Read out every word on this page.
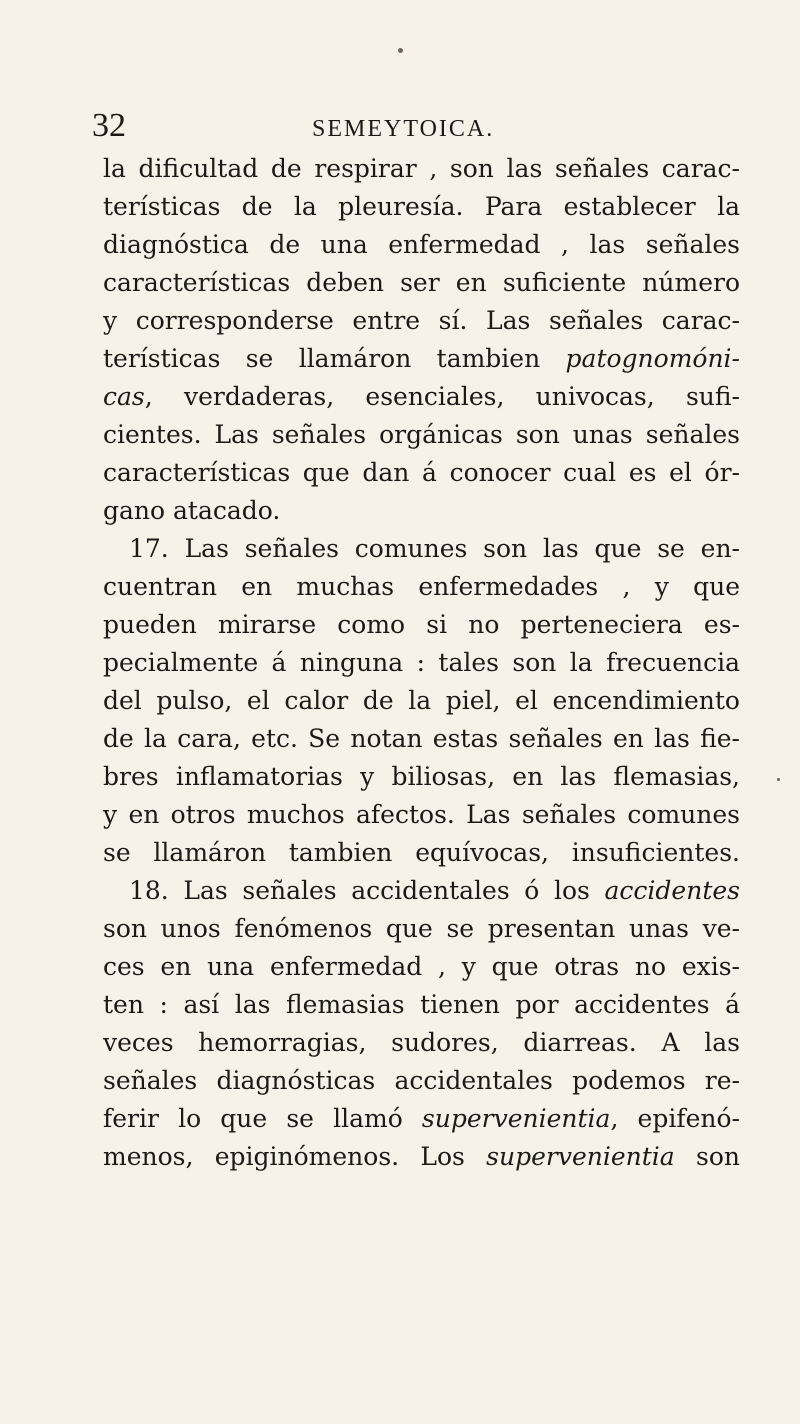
32	SEMEYTOICA.
la dificultad de respirar , son las señales carac-
terísticas de la pleuresía. Para establecer la
diagnóstica de una enfermedad , las señales
características deben ser en suficiente número
y corresponderse entre sí. Las señales carac-
terísticas se llamáron tambien patognomóni-
cas, verdaderas, esenciales, univocas, sufi-
cientes. Las señales orgánicas son unas señales
características que dan á conocer cual es el ór-
gano atacado.
17. Las señales comunes son las que se en-
cuentran en muchas enfermedades , y que
pueden mirarse como si no perteneciera es-
pecialmente á ninguna : tales son la frecuencia
del pulso, el calor de la piel, el encendimiento
de la cara, etc. Se notan estas señales en las fie-
bres inflamatorias y biliosas, en las flemasias,
y en otros muchos afectos. Las señales comunes
se llamáron tambien equívocas, insuficientes.
18. Las señales accidentales ó los accidentes
son unos fenómenos que se presentan unas ve-
ces en una enfermedad , y que otras no exis-
ten : así las flemasias tienen por accidentes á
veces hemorragias, sudores, diarreas. A las
señales diagnósticas accidentales podemos re-
ferir lo que se llamó supervenientia, epifenó-
menos, epiginómenos. Los supervenientia son
